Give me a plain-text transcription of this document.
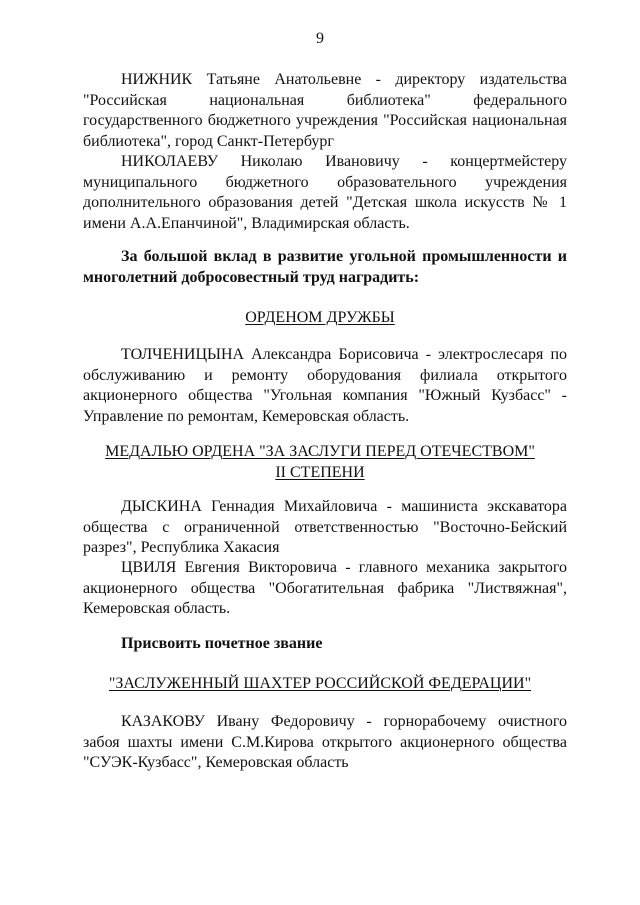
9

НИЖНИК Татьяне Анатольевне - директору издательства "Российская национальная библиотека" федерального государственного бюджетного учреждения "Российская национальная библиотека", город Санкт-Петербург

НИКОЛАЕВУ Николаю Ивановичу - концертмейстеру муниципального бюджетного образовательного учреждения дополнительного образования детей "Детская школа искусств № 1 имени А.А.Епанчиной", Владимирская область.

За большой вклад в развитие угольной промышленности и многолетний добросовестный труд наградить:

ОРДЕНОМ ДРУЖБЫ

ТОЛЧЕНИЦЫНА Александра Борисовича - электрослесаря по обслуживанию и ремонту оборудования филиала открытого акционерного общества "Угольная компания "Южный Кузбасс" - Управление по ремонтам, Кемеровская область.

МЕДАЛЬЮ ОРДЕНА "ЗА ЗАСЛУГИ ПЕРЕД ОТЕЧЕСТВОМ"

II СТЕПЕНИ

ДЫСКИНА Геннадия Михайловича - машиниста экскаватора общества с ограниченной ответственностью "Восточно-Бейский разрез", Республика Хакасия

ЦВИЛЯ Евгения Викторовича - главного механика закрытого акционерного общества "Обогатительная фабрика "Листвяжная", Кемеровская область.

Присвоить почетное звание

"ЗАСЛУЖЕННЫЙ ШАХТЕР РОССИЙСКОЙ ФЕДЕРАЦИИ"

КАЗАКОВУ Ивану Федоровичу - горнорабочему очистного забоя шахты имени С.М.Кирова открытого акционерного общества "СУЭК-Кузбасс", Кемеровская область
